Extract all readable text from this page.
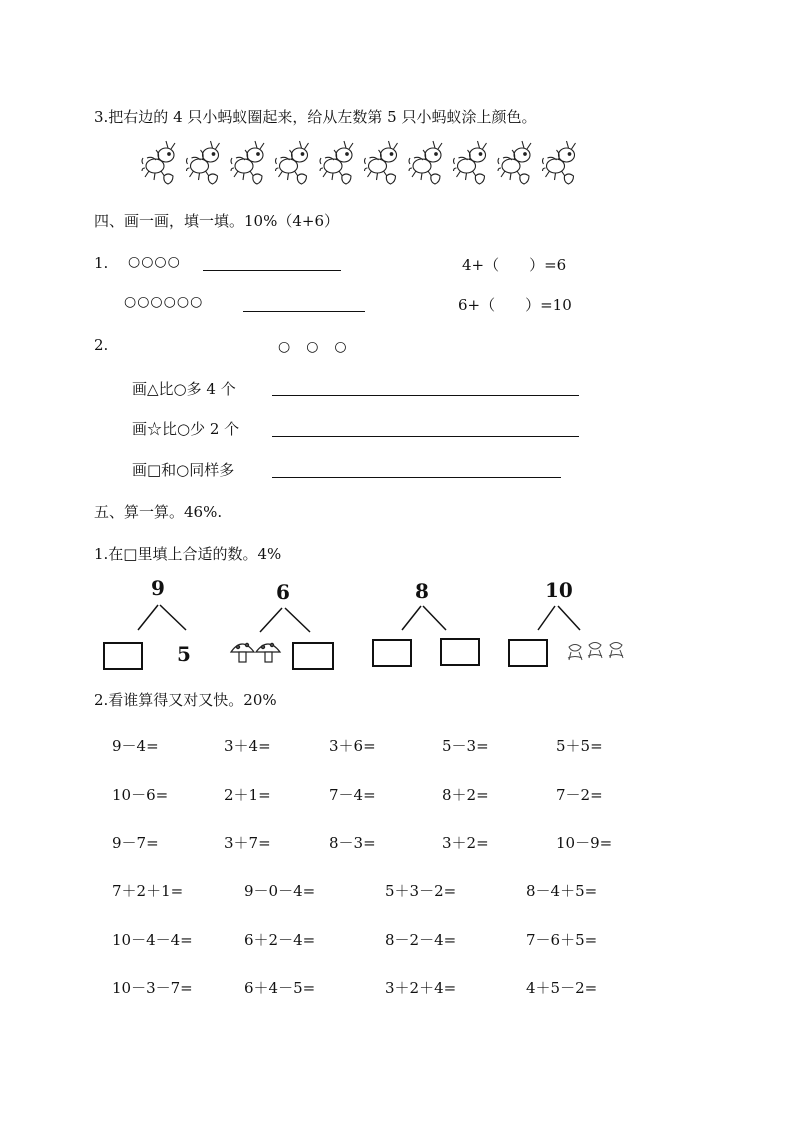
3.把右边的 4 只小蚂蚁圈起来，给从左数第 5 只小蚂蚁涂上颜色。
四、画一画，填一填。10%（4+6）
1. ○○○○	4+（　　）=6
○○○○○○	6+（　　）=10
2.	○　○　○
画△比○多 4 个
画☆比○少 2 个
画□和○同样多
五、算一算。46%.
1.在□里填上合适的数。4%
9
5
6	8	10
2.看谁算得又对又快。20%
9－4=	3＋4=	3＋6=	5－3=	5＋5=
10－6=	2＋1=	7－4=	8＋2=	7－2=
9－7=	3＋7=	8－3=	3＋2=	10－9=
7＋2＋1=	9－0－4=	5＋3－2=	8－4＋5=
10－4－4=	6＋2－4=	8－2－4=	7－6＋5=
10－3－7=	6＋4－5=	3＋2＋4=	4＋5－2=
